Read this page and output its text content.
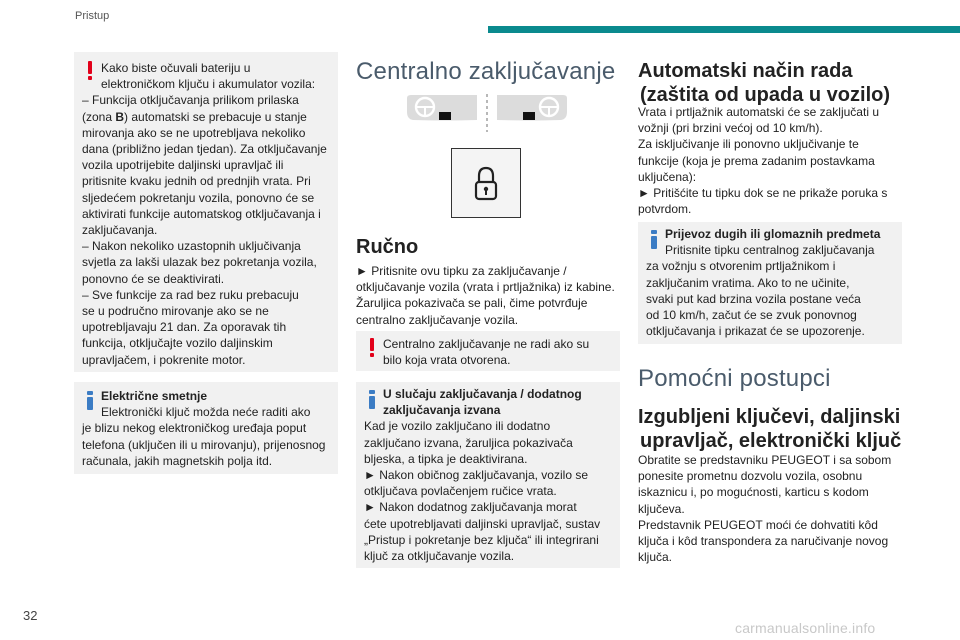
Pristup
32
carmanualsonline.info

Kako biste očuvali bateriju u

elektroničkom ključu i akumulator vozila:

– Funkcija otključavanja prilikom prilaska

(zona B) automatski se prebacuje u stanje

mirovanja ako se ne upotrebljava nekoliko

dana (približno jedan tjedan). Za otključavanje

vozila upotrijebite daljinski upravljač ili

pritisnite kvaku jednih od prednjih vrata. Pri

sljedećem pokretanju vozila, ponovno će se

aktivirati funkcije automatskog otključavanja i

zaključavanja.

– Nakon nekoliko uzastopnih uključivanja

svjetla za lakši ulazak bez pokretanja vozila,

ponovno će se deaktivirati.

– Sve funkcije za rad bez ruku prebacuju

se u područno mirovanje ako se ne

upotrebljavaju 21 dan. Za oporavak tih

funkcija, otključajte vozilo daljinskim

upravljačem, i pokrenite motor.

Električne smetnje

Elektronički ključ možda neće raditi ako

je blizu nekog elektroničkog uređaja poput

telefona (uključen ili u mirovanju), prijenosnog

računala, jakih magnetskih polja itd.

Centralno zaključavanje
Ručno
► Pritisnite ovu tipku za zaključavanje /
otključavanje vozila (vrata i prtljažnika) iz kabine.
Žaruljica pokazivača se pali, čime potvrđuje
centralno zaključavanje vozila.

Centralno zaključavanje ne radi ako su

bilo koja vrata otvorena.

U slučaju zaključavanja / dodatnog

zaključavanja izvana

Kad je vozilo zaključano ili dodatno

zaključano izvana, žaruljica pokazivača

bljeska, a tipka je deaktivirana.

► Nakon običnog zaključavanja, vozilo se

otključava povlačenjem ručice vrata.

► Nakon dodatnog zaključavanja morat

ćete upotrebljavati daljinski upravljač, sustav

„Pristup i pokretanje bez ključa“ ili integrirani

ključ za otključavanje vozila.

Automatski način rada
(zaštita od upada u vozilo)
Vrata i prtljažnik automatski će se zaključati u
vožnji (pri brzini većoj od 10 km/h).
Za isključivanje ili ponovno uključivanje te
funkcije (koja je prema zadanim postavkama
uključena):
► Pritišćite tu tipku dok se ne prikaže poruka s
potvrdom.

Prijevoz dugih ili glomaznih predmeta

Pritisnite tipku centralnog zaključavanja

za vožnju s otvorenim prtljažnikom i

zaključanim vratima. Ako to ne učinite,

svaki put kad brzina vozila postane veća

od 10 km/h, začut će se zvuk ponovnog

otključavanja i prikazat će se upozorenje.

Pomoćni postupci
Izgubljeni ključevi, daljinski
upravljač, elektronički ključ
Obratite se predstavniku PEUGEOT i sa sobom
ponesite prometnu dozvolu vozila, osobnu
iskaznicu i, po mogućnosti, karticu s kodom
ključeva.
Predstavnik PEUGEOT moći će dohvatiti kôd
ključa i kôd transpondera za naručivanje novog
ključa.
